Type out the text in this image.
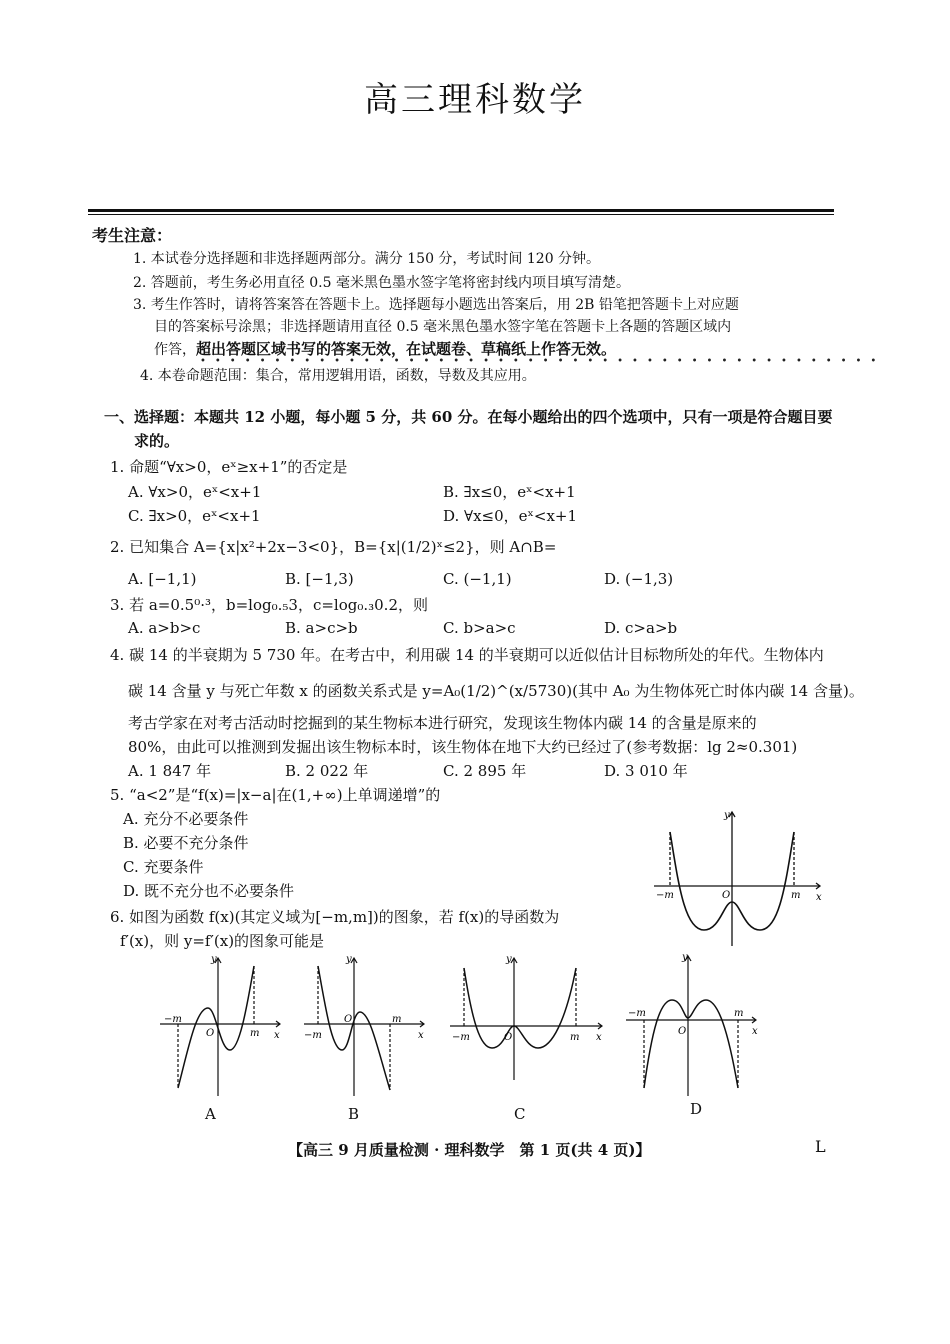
高三理科数学
考生注意：
1. 本试卷分选择题和非选择题两部分。满分 150 分，考试时间 120 分钟。
2. 答题前，考生务必用直径 0.5 毫米黑色墨水签字笔将密封线内项目填写清楚。
3. 考生作答时，请将答案答在答题卡上。选择题每小题选出答案后，用 2B 铅笔把答题卡上对应题
目的答案标号涂黑；非选择题请用直径 0.5 毫米黑色墨水签字笔在答题卡上各题的答题区域内
作答，超出答题区域书写的答案无效，在试题卷、草稿纸上作答无效。
••••••••••••••••••••••••••••••••••••••••••••••
4. 本卷命题范围：集合，常用逻辑用语，函数，导数及其应用。
一、选择题：本题共 12 小题，每小题 5 分，共 60 分。在每小题给出的四个选项中，只有一项是符合题目要
求的。
1. 命题“∀x>0，eˣ≥x+1”的否定是
A. ∀x>0，eˣ<x+1	B. ∃x≤0，eˣ<x+1
C. ∃x>0，eˣ<x+1	D. ∀x≤0，eˣ<x+1
2. 已知集合 A={x|x²+2x−3<0}，B={x|(1/2)ˣ≤2}，则 A∩B=
A. [−1,1)	B. [−1,3)	C. (−1,1)	D. (−1,3)
3. 若 a=0.5⁰·³，b=log₀.₅3，c=log₀.₃0.2，则
A. a>b>c	B. a>c>b	C. b>a>c	D. c>a>b
4. 碳 14 的半衰期为 5 730 年。在考古中，利用碳 14 的半衰期可以近似估计目标物所处的年代。生物体内
碳 14 含量 y 与死亡年数 x 的函数关系式是 y=A₀(1/2)^(x/5730)(其中 A₀ 为生物体死亡时体内碳 14 含量)。
考古学家在对考古活动时挖掘到的某生物标本进行研究，发现该生物体内碳 14 的含量是原来的
80%，由此可以推测到发掘出该生物标本时，该生物体在地下大约已经过了(参考数据：lg 2≈0.301)
A. 1 847 年	B. 2 022 年	C. 2 895 年	D. 3 010 年
5. “a<2”是“f(x)=|x−a|在(1,+∞)上单调递增”的
A. 充分不必要条件
B. 必要不充分条件
C. 充要条件
D. 既不充分也不必要条件
6. 如图为函数 f(x)(其定义域为[−m,m])的图象，若 f(x)的导函数为
f′(x)，则 y=f′(x)的图象可能是
y
x
O
−m	m
y
x
O
−m
m
A
y
x
O
−m
m
B
y
x
O
−m	m
C
y
x
O
−m	m
D
【高三 9 月质量检测 · 理科数学　第 1 页(共 4 页)】	L
